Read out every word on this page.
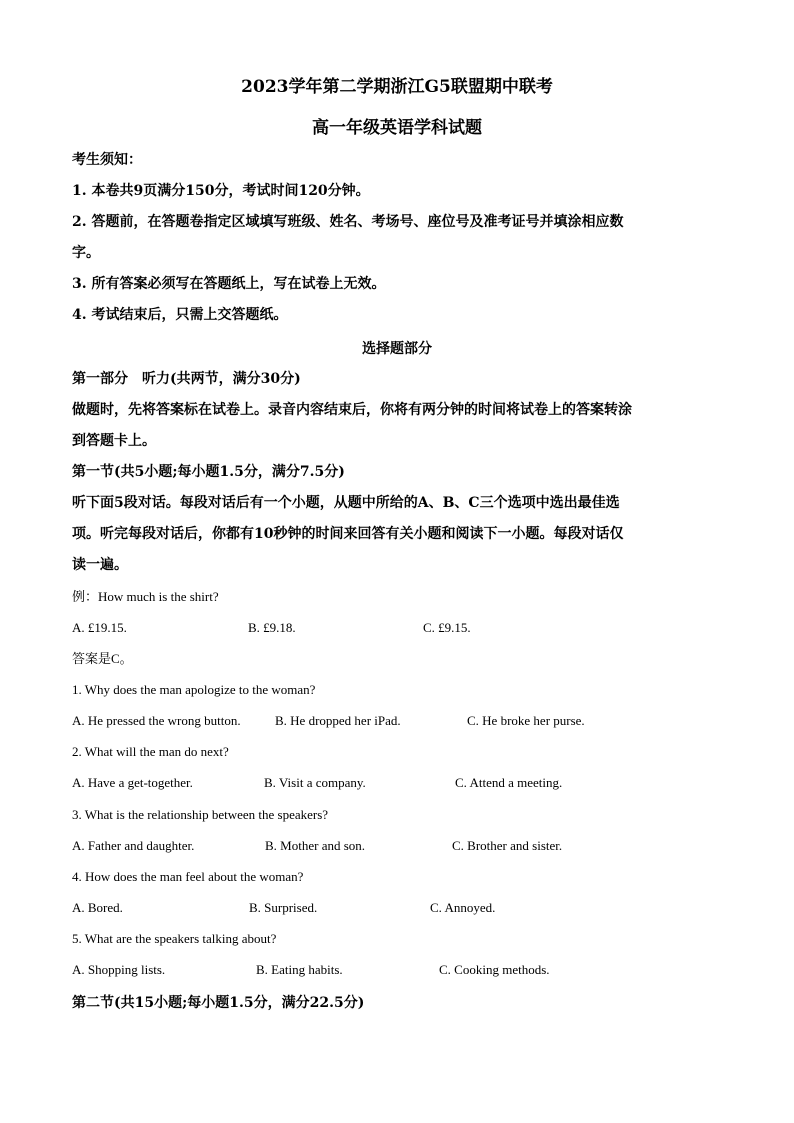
2023学年第二学期浙江G5联盟期中联考
高一年级英语学科试题
考生须知：
1. 本卷共9页满分150分，考试时间120分钟。
2. 答题前，在答题卷指定区域填写班级、姓名、考场号、座位号及准考证号并填涂相应数
字。
3. 所有答案必须写在答题纸上，写在试卷上无效。
4. 考试结束后，只需上交答题纸。
选择题部分
第一部分　听力(共两节，满分30分)
做题时，先将答案标在试卷上。录音内容结束后，你将有两分钟的时间将试卷上的答案转涂
到答题卡上。
第一节(共5小题;每小题1.5分，满分7.5分)
听下面5段对话。每段对话后有一个小题，从题中所给的A、B、C三个选项中选出最佳选
项。听完每段对话后，你都有10秒钟的时间来回答有关小题和阅读下一小题。每段对话仅
读一遍。
例：How much is the shirt?
A. £19.15.	B. £9.18.	C. £9.15.
答案是C。
1. Why does the man apologize to the woman?
A. He pressed the wrong button.	B. He dropped her iPad.	C. He broke her purse.
2. What will the man do next?
A. Have a get-together.	B. Visit a company.	C. Attend a meeting.
3. What is the relationship between the speakers?
A. Father and daughter.	B. Mother and son.	C. Brother and sister.
4. How does the man feel about the woman?
A. Bored.	B. Surprised.	C. Annoyed.
5. What are the speakers talking about?
A. Shopping lists.	B. Eating habits.	C. Cooking methods.
第二节(共15小题;每小题1.5分，满分22.5分)
